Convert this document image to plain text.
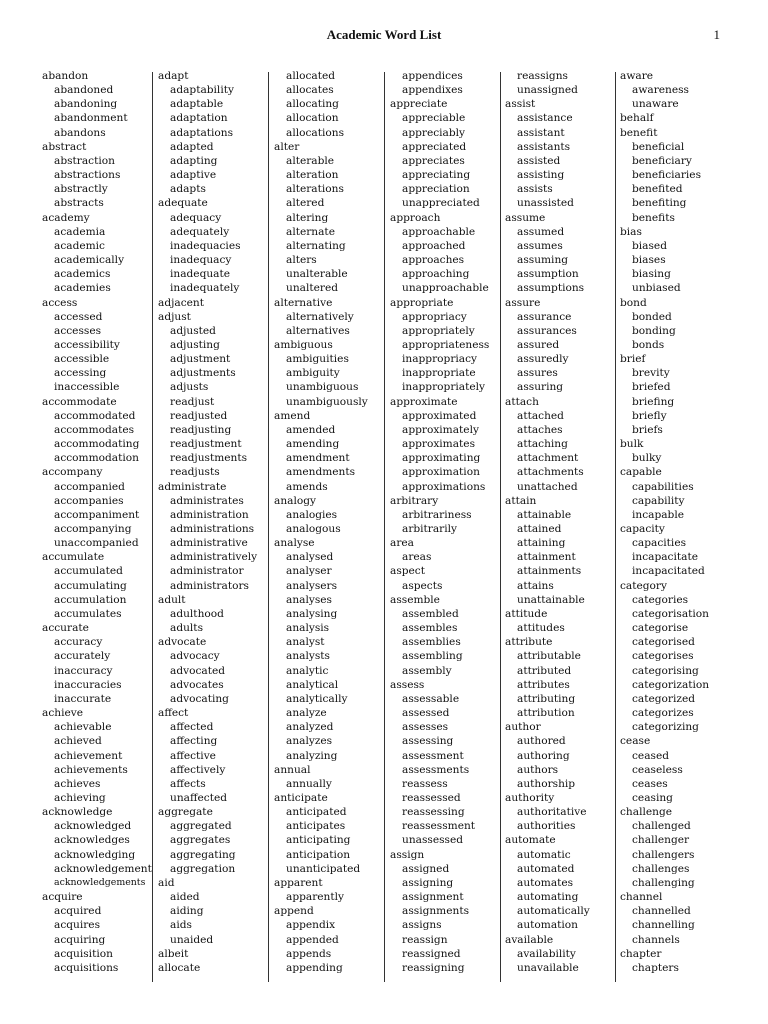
Academic Word List	1
abandon
abandoned
abandoning
abandonment
abandons
abstract
abstraction
abstractions
abstractly
abstracts
academy
academia
academic
academically
academics
academies
access
accessed
accesses
accessibility
accessible
accessing
inaccessible
accommodate
accommodated
accommodates
accommodating
accommodation
accompany
accompanied
accompanies
accompaniment
accompanying
unaccompanied
accumulate
accumulated
accumulating
accumulation
accumulates
accurate
accuracy
accurately
inaccuracy
inaccuracies
inaccurate
achieve
achievable
achieved
achievement
achievements
achieves
achieving
acknowledge
acknowledged
acknowledges
acknowledging
acknowledgement
acknowledgements
acquire
acquired
acquires
acquiring
acquisition
acquisitions
adapt
adaptability
adaptable
adaptation
adaptations
adapted
adapting
adaptive
adapts
adequate
adequacy
adequately
inadequacies
inadequacy
inadequate
inadequately
adjacent
adjust
adjusted
adjusting
adjustment
adjustments
adjusts
readjust
readjusted
readjusting
readjustment
readjustments
readjusts
administrate
administrates
administration
administrations
administrative
administratively
administrator
administrators
adult
adulthood
adults
advocate
advocacy
advocated
advocates
advocating
affect
affected
affecting
affective
affectively
affects
unaffected
aggregate
aggregated
aggregates
aggregating
aggregation
aid
aided
aiding
aids
unaided
albeit
allocate
allocated
allocates
allocating
allocation
allocations
alter
alterable
alteration
alterations
altered
altering
alternate
alternating
alters
unalterable
unaltered
alternative
alternatively
alternatives
ambiguous
ambiguities
ambiguity
unambiguous
unambiguously
amend
amended
amending
amendment
amendments
amends
analogy
analogies
analogous
analyse
analysed
analyser
analysers
analyses
analysing
analysis
analyst
analysts
analytic
analytical
analytically
analyze
analyzed
analyzes
analyzing
annual
annually
anticipate
anticipated
anticipates
anticipating
anticipation
unanticipated
apparent
apparently
append
appendix
appended
appends
appending
appendices
appendixes
appreciate
appreciable
appreciably
appreciated
appreciates
appreciating
appreciation
unappreciated
approach
approachable
approached
approaches
approaching
unapproachable
appropriate
appropriacy
appropriately
appropriateness
inappropriacy
inappropriate
inappropriately
approximate
approximated
approximately
approximates
approximating
approximation
approximations
arbitrary
arbitrariness
arbitrarily
area
areas
aspect
aspects
assemble
assembled
assembles
assemblies
assembling
assembly
assess
assessable
assessed
assesses
assessing
assessment
assessments
reassess
reassessed
reassessing
reassessment
unassessed
assign
assigned
assigning
assignment
assignments
assigns
reassign
reassigned
reassigning
reassigns
unassigned
assist
assistance
assistant
assistants
assisted
assisting
assists
unassisted
assume
assumed
assumes
assuming
assumption
assumptions
assure
assurance
assurances
assured
assuredly
assures
assuring
attach
attached
attaches
attaching
attachment
attachments
unattached
attain
attainable
attained
attaining
attainment
attainments
attains
unattainable
attitude
attitudes
attribute
attributable
attributed
attributes
attributing
attribution
author
authored
authoring
authors
authorship
authority
authoritative
authorities
automate
automatic
automated
automates
automating
automatically
automation
available
availability
unavailable
aware
awareness
unaware
behalf
benefit
beneficial
beneficiary
beneficiaries
benefited
benefiting
benefits
bias
biased
biases
biasing
unbiased
bond
bonded
bonding
bonds
brief
brevity
briefed
briefing
briefly
briefs
bulk
bulky
capable
capabilities
capability
incapable
capacity
capacities
incapacitate
incapacitated
category
categories
categorisation
categorise
categorised
categorises
categorising
categorization
categorized
categorizes
categorizing
cease
ceased
ceaseless
ceases
ceasing
challenge
challenged
challenger
challengers
challenges
challenging
channel
channelled
channelling
channels
chapter
chapters
